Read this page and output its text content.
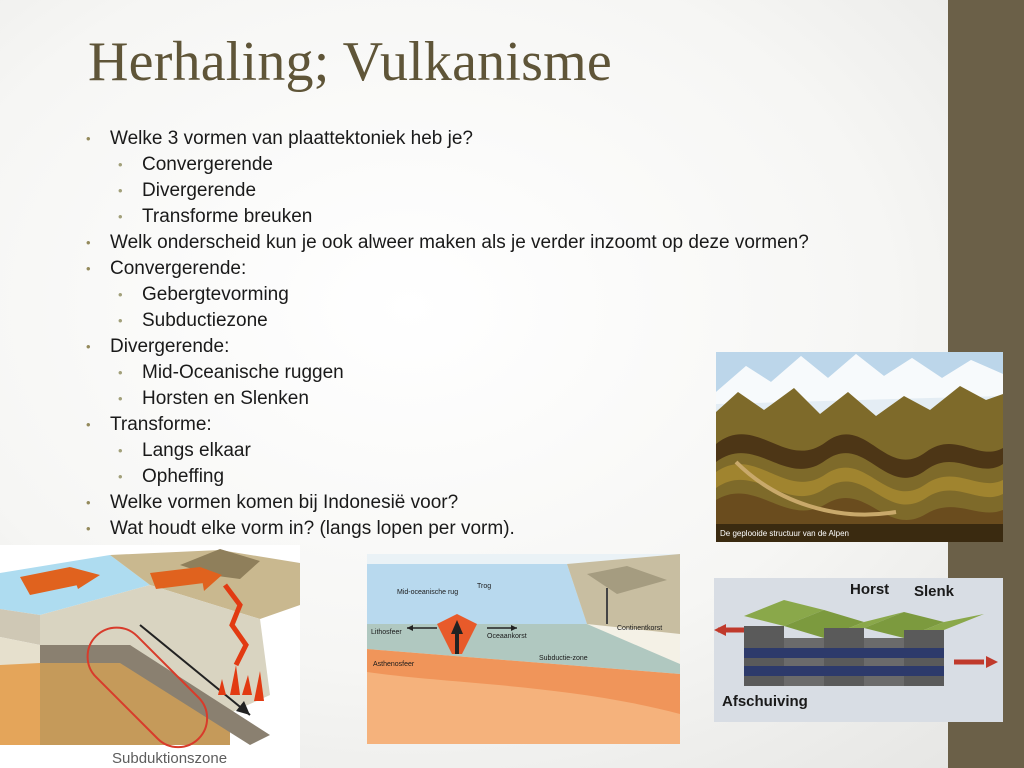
Herhaling; Vulkanisme
• Welke 3 vormen van plaattektoniek heb je?
• Convergerende
• Divergerende
• Transforme breuken
• Welk onderscheid kun je ook alweer maken als je verder inzoomt op deze vormen?
• Convergerende:
• Gebergtevorming
• Subductiezone
• Divergerende:
• Mid-Oceanische ruggen
• Horsten en Slenken
• Transforme:
• Langs elkaar
• Opheffing
• Welke vormen komen bij Indonesië voor?
• Wat houdt elke vorm in? (langs lopen per vorm).	De geplooide structuur van de Alpen
Subduktionszone
Mid-oceanische rug
Trog
Lithosfeer
Oceaankorst
Continentkorst
Asthenosfeer
Subductie-zone
Horst Slenk
Afschuiving
